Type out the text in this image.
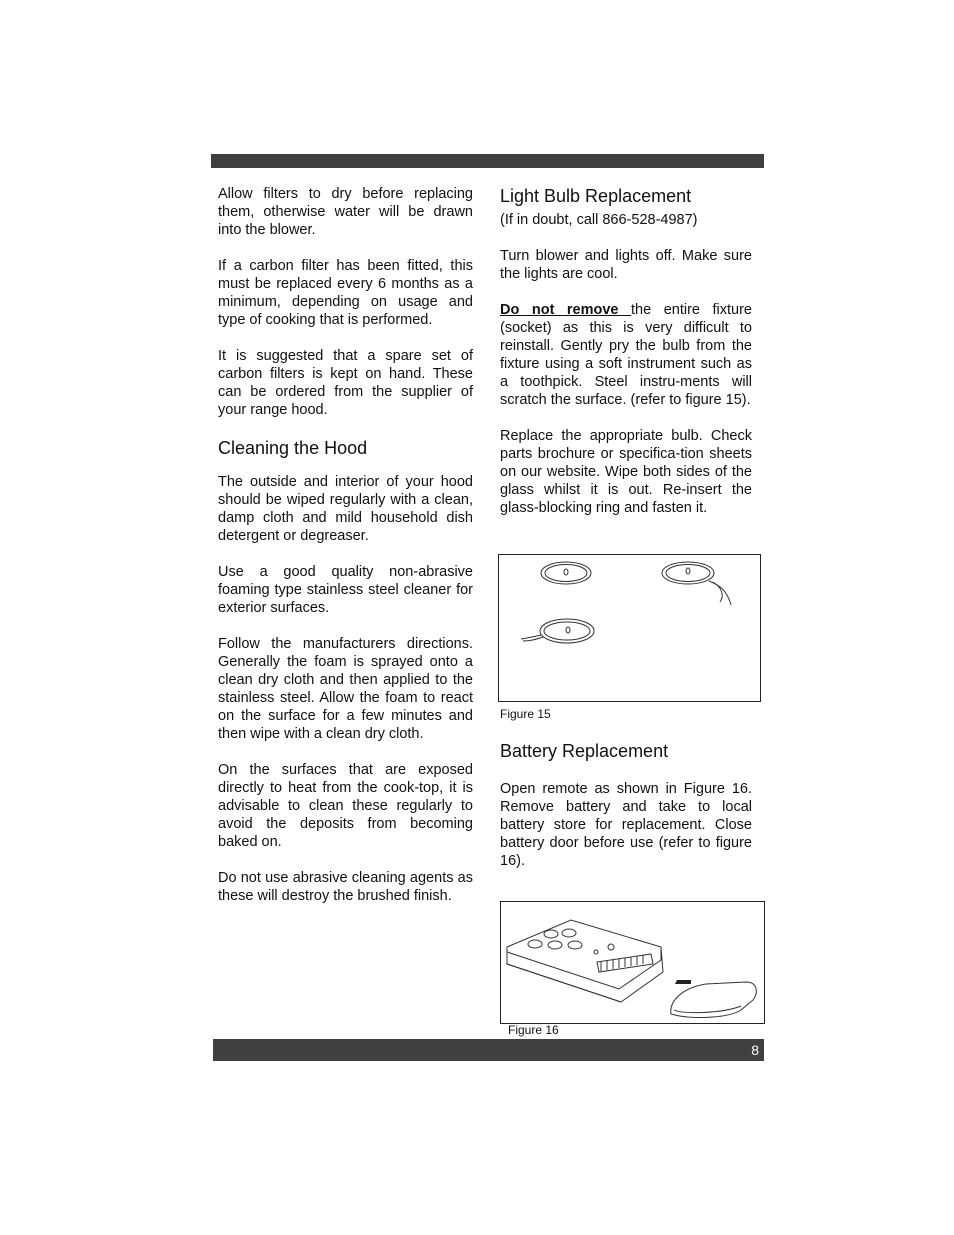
Allow filters to dry before replacing them, otherwise water will be drawn into the blower.

If a carbon filter has been fitted, this must be replaced every 6 months as a minimum, depending on usage and type of cooking that is performed.

It is suggested that a spare set of carbon filters is kept on hand. These can be ordered from the supplier of your range hood.

Cleaning the Hood

The outside and interior of your hood should be wiped regularly with a clean, damp cloth and mild household dish detergent or degreaser.

Use a good quality non-abrasive foaming type stainless steel cleaner for exterior surfaces.

Follow the manufacturers directions. Generally the foam is sprayed onto a clean dry cloth and then applied to the stainless steel. Allow the foam to react on the surface for a few minutes and then wipe with a clean dry cloth.

On the surfaces that are exposed directly to heat from the cook-top, it is advisable to clean these regularly to avoid the deposits from becoming baked on.

Do not use abrasive cleaning agents as these will destroy the brushed finish.

Light Bulb Replacement
(If in doubt, call 866-528-4987)

Turn blower and lights off. Make sure the lights are cool.

Do not remove the entire fixture (socket) as this is very difficult to reinstall. Gently pry the bulb from the fixture using a soft instrument such as a toothpick. Steel instru-ments will scratch the surface. (refer to figure 15).

Replace the appropriate bulb. Check parts brochure or specifica-tion sheets on our website. Wipe both sides of the glass whilst it is out. Re-insert the glass-blocking ring and fasten it.

Figure 15
Battery Replacement
Open remote as shown in Figure 16. Remove battery and take to local battery store for replacement. Close battery door before use (refer to figure 16).
Figure 16
8
